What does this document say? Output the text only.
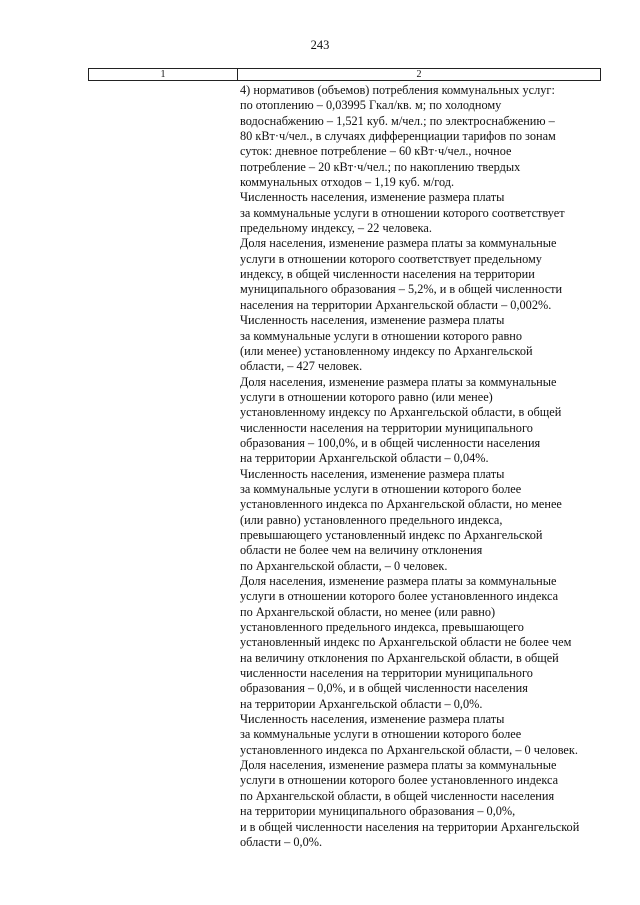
243
1	2
4) нормативов (объемов) потребления коммунальных услуг:
по отоплению – 0,03995 Гкал/кв. м; по холодному
водоснабжению – 1,521 куб. м/чел.; по электроснабжению –
80 кВт·ч/чел., в случаях дифференциации тарифов по зонам
суток: дневное потребление – 60 кВт·ч/чел., ночное
потребление – 20 кВт·ч/чел.; по накоплению твердых
коммунальных отходов – 1,19 куб. м/год.
Численность населения, изменение размера платы
за коммунальные услуги в отношении которого соответствует
предельному индексу, – 22 человека.
Доля населения, изменение размера платы за коммунальные
услуги в отношении которого соответствует предельному
индексу, в общей численности населения на территории
муниципального образования – 5,2%, и в общей численности
населения на территории Архангельской области – 0,002%.
Численность населения, изменение размера платы
за коммунальные услуги в отношении которого равно
(или менее) установленному индексу по Архангельской
области, – 427 человек.
Доля населения, изменение размера платы за коммунальные
услуги в отношении которого равно (или менее)
установленному индексу по Архангельской области, в общей
численности населения на территории муниципального
образования – 100,0%, и в общей численности населения
на территории Архангельской области – 0,04%.
Численность населения, изменение размера платы
за коммунальные услуги в отношении которого более
установленного индекса по Архангельской области, но менее
(или равно) установленного предельного индекса,
превышающего установленный индекс по Архангельской
области не более чем на величину отклонения
по Архангельской области, – 0 человек.
Доля населения, изменение размера платы за коммунальные
услуги в отношении которого более установленного индекса
по Архангельской области, но менее (или равно)
установленного предельного индекса, превышающего
установленный индекс по Архангельской области не более чем
на величину отклонения по Архангельской области, в общей
численности населения на территории муниципального
образования – 0,0%, и в общей численности населения
на территории Архангельской области – 0,0%.
Численность населения, изменение размера платы
за коммунальные услуги в отношении которого более
установленного индекса по Архангельской области, – 0 человек.
Доля населения, изменение размера платы за коммунальные
услуги в отношении которого более установленного индекса
по Архангельской области, в общей численности населения
на территории муниципального образования – 0,0%,
и в общей численности населения на территории Архангельской
области – 0,0%.
